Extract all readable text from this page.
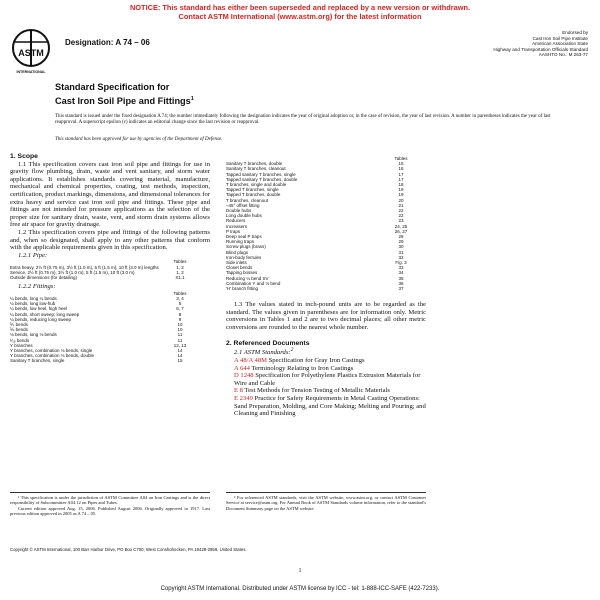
NOTICE: This standard has either been superseded and replaced by a new version or withdrawn.
Contact ASTM International (www.astm.org) for the latest information
ASTM
INTERNATIONAL
Designation: A 74 – 06
Endorsed by
Cast Iron Soil Pipe Institute
American Association State
Highway and Transportation Officials Standard
AASHTO No.: M 263-77
Standard Specification for
Cast Iron Soil Pipe and Fittings$^1$
This standard is issued under the fixed designation A 74; the number immediately following the designation indicates the year of original adoption or, in the case of revision, the year of last revision. A number in parentheses indicates the year of last reapproval. A superscript epsilon (ε) indicates an editorial change since the last revision or reapproval.
This standard has been approved for use by agencies of the Department of Defense.
1. Scope

1.1 This specification covers cast iron soil pipe and fittings for use in gravity flow plumbing, drain, waste and vent sanitary, and storm water applications. It establishes standards covering material, manufacture, mechanical and chemical properties, coating, test methods, inspection, certification, product markings, dimensions, and dimensional tolerances for extra heavy and service cast iron soil pipe and fittings. These pipe and fittings are not intended for pressure applications as the selection of the proper size for sanitary drain, waste, vent, and storm drain systems allows free air space for gravity drainage.

1.2 This specification covers pipe and fittings of the following patterns and, when so designated, shall apply to any other patterns that conform with the applicable requirements given in this specification.

1.2.1 Pipe:
	Tables
Extra heavy, 2½ ft (0.75 m), 3½ ft (1.0 m), 5 ft (1.5 m), 10 ft (3.0 m) lengths	1, 2
Service, 2½ ft (0.75 m), 3½ ft (1.0 m), 5 ft (1.5 m), 10 ft (3.0 m)	1, 2
Outside dimensions (for detailing)	X1.1
1.2.2 Fittings:
	Tables
¼ bends, long ¼ bends	3, 4
¼ bends, long low-hub	5
¼ bends, low heel, high heel	6, 7
¼ bends, short sweep; long sweep	8
¼ bends, reducing long sweep	9
⅕ bends	10
⅙ bends	10
⅛ bends, long ⅛ bends	11
¹⁄₁₆ bends	11
Y branches	12, 13
Y branches, combination ⅛ bends, single	14
Y branches, combination ⅛ bends, double	14
Sanitary T branches, single	15
	Tables
Sanitary T branches, double	15
Sanitary T branches, cleanout	16
Tapped sanitary T branches, single	17
Tapped sanitary T branches, double	17
T branches, single and double	18
Tapped T branches, single	19
Tapped T branches, double	19
T branches, cleanout	20
–45° offset fitting	21
Double hubs	22
Long double hubs	22
Reducers	23
Increasers	24, 25
P traps	26, 27
Deep seal P traps	28
Running traps	29
Screw plugs (brass)	30
Blind plugs	31
Iron-body ferrules	32
Side inlets	Fig. 3
Closet bends	33
Tapping bosses	34
Reducing ¼ bend SV	35
Combination Y and ⅛ bend	36
'H' branch fitting	37

1.3 The values stated in inch-pound units are to be regarded as the standard. The values given in parentheses are for information only. Metric conversions in Tables 1 and 2 are to two decimal places; all other metric conversions are rounded to the nearest whole number.

2. Referenced Documents
2.1 ASTM Standards:$^2$
A 48/A 48M Specification for Gray Iron Castings
A 644 Terminology Relating to Iron Castings
D 1248 Specification for Polyethylene Plastics Extrusion Materials for Wire and Cable
E 8 Test Methods for Tension Testing of Metallic Materials
E 2349 Practice for Safety Requirements in Metal Casting Operations: Sand Preparation, Molding, and Core Making; Melting and Pouring; and Cleaning and Finishing

¹ This specification is under the jurisdiction of ASTM Committee A04 on Iron Castings and is the direct responsibility of Subcommittee A04.12 on Pipes and Tubes.

Current edition approved Aug. 15, 2006. Published August 2006. Originally approved in 1917. Last previous edition approved in 2005 as A 74 – 05.

² For referenced ASTM standards, visit the ASTM website, www.astm.org, or contact ASTM Customer Service at service@astm.org. For Annual Book of ASTM Standards volume information, refer to the standard's Document Summary page on the ASTM website.

Copyright © ASTM International, 100 Barr Harbor Drive, PO Box C700, West Conshohocken, PA 19428-2959, United States.
1
Copyright ASTM International. Distributed under ASTM license by ICC - tel: 1-888-ICC-SAFE (422-7233).
